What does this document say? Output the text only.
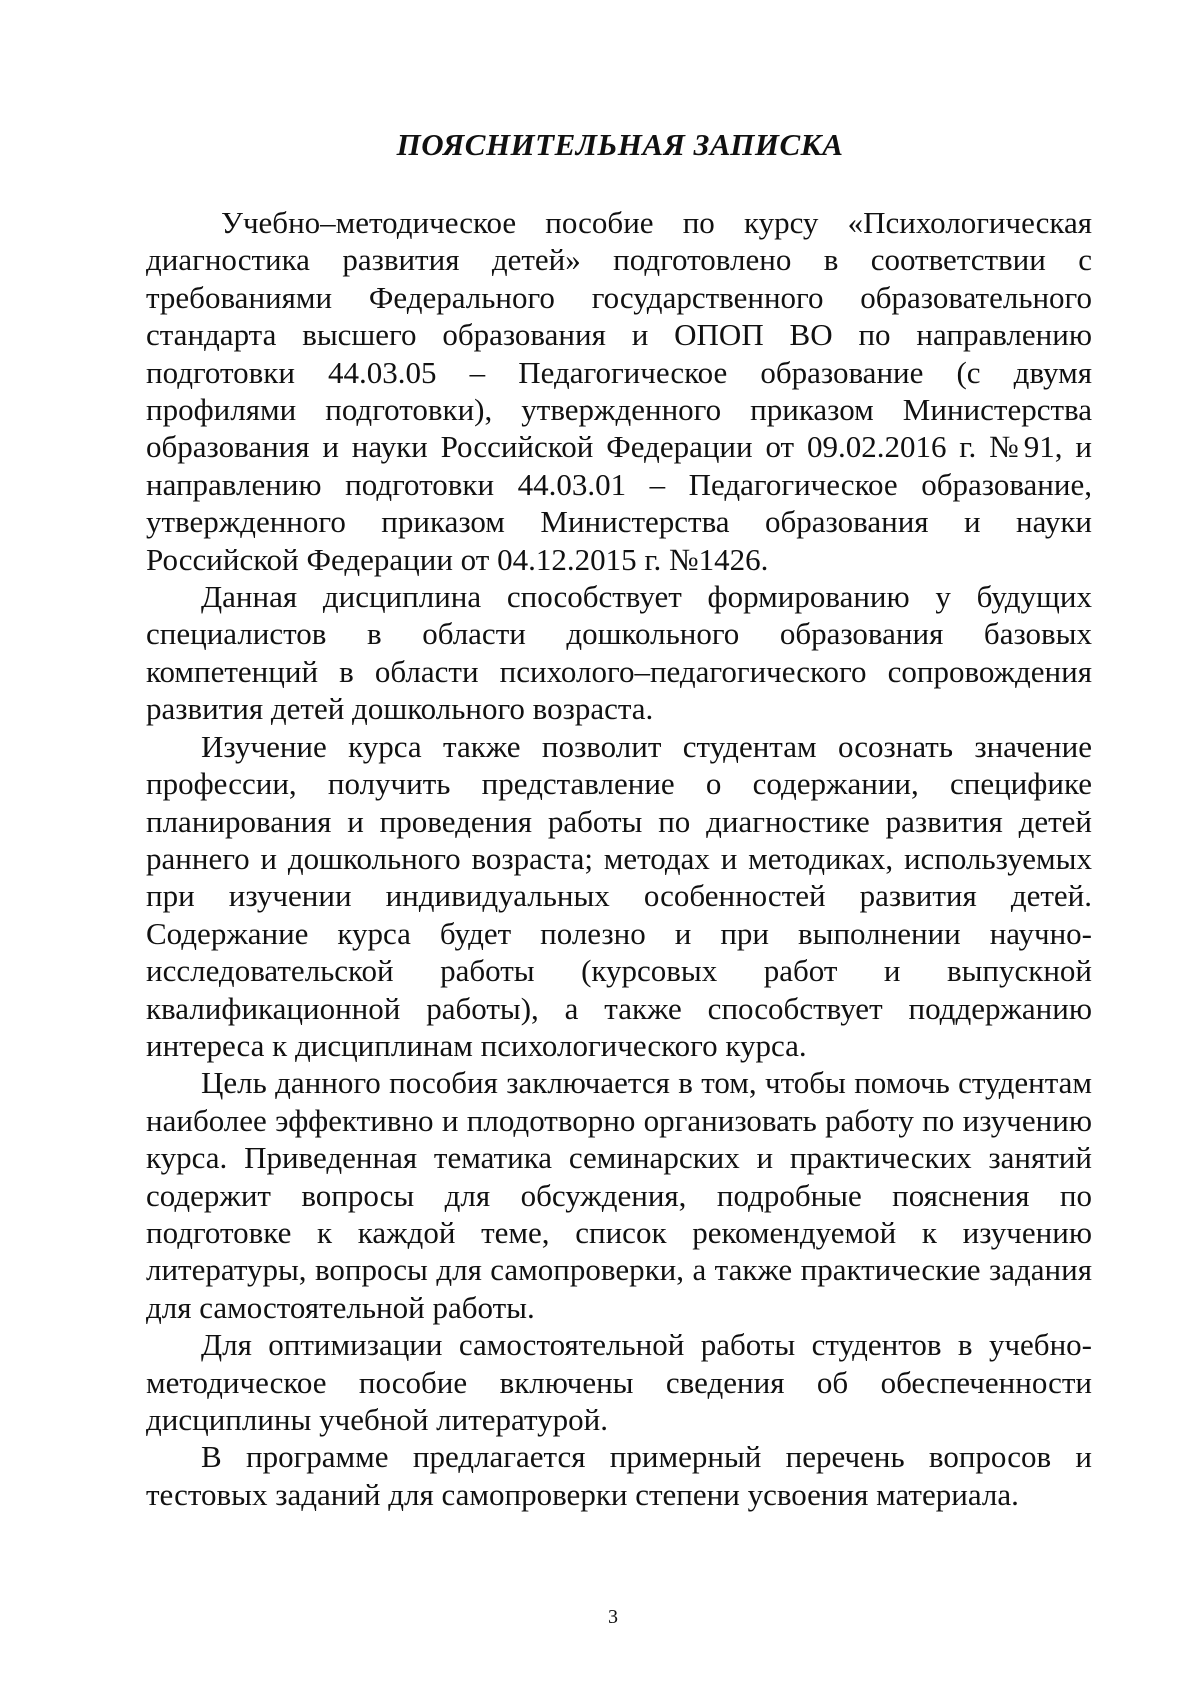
ПОЯСНИТЕЛЬНАЯ ЗАПИСКА

Учебно–методическое пособие по курсу «Психологическая диагностика развития детей» подготовлено в соответствии с требованиями Федерального государственного образовательного стандарта высшего образования и ОПОП ВО по направлению подготовки 44.03.05 – Педагогическое образование (с двумя профилями подготовки), утвержденного приказом Министерства образования и науки Российской Федерации от 09.02.2016 г. №91, и направлению подготовки 44.03.01 – Педагогическое образование, утвержденного приказом Министерства образования и науки Российской Федерации от 04.12.2015 г. №1426.

Данная дисциплина способствует формированию у будущих специалистов в области дошкольного образования базовых компетенций в области психолого–педагогического сопровождения развития детей дошкольного возраста.

Изучение курса также позволит студентам осознать значение профессии, получить представление о содержании, специфике планирования и проведения работы по диагностике развития детей раннего и дошкольного возраста; методах и методиках, используемых при изучении индивидуальных особенностей развития детей. Содержание курса будет полезно и при выполнении научно-исследовательской работы (курсовых работ и выпускной квалификационной работы), а также способствует поддержанию интереса к дисциплинам психологического курса.

Цель данного пособия заключается в том, чтобы помочь студентам наиболее эффективно и плодотворно организовать работу по изучению курса. Приведенная тематика семинарских и практических занятий содержит вопросы для обсуждения, подробные пояснения по подготовке к каждой теме, список рекомендуемой к изучению литературы, вопросы для самопроверки, а также практические задания для самостоятельной работы.

Для оптимизации самостоятельной работы студентов в учебно-методическое пособие включены сведения об обеспеченности дисциплины учебной литературой.

В программе предлагается примерный перечень вопросов и тестовых заданий для самопроверки степени усвоения материала.

3
